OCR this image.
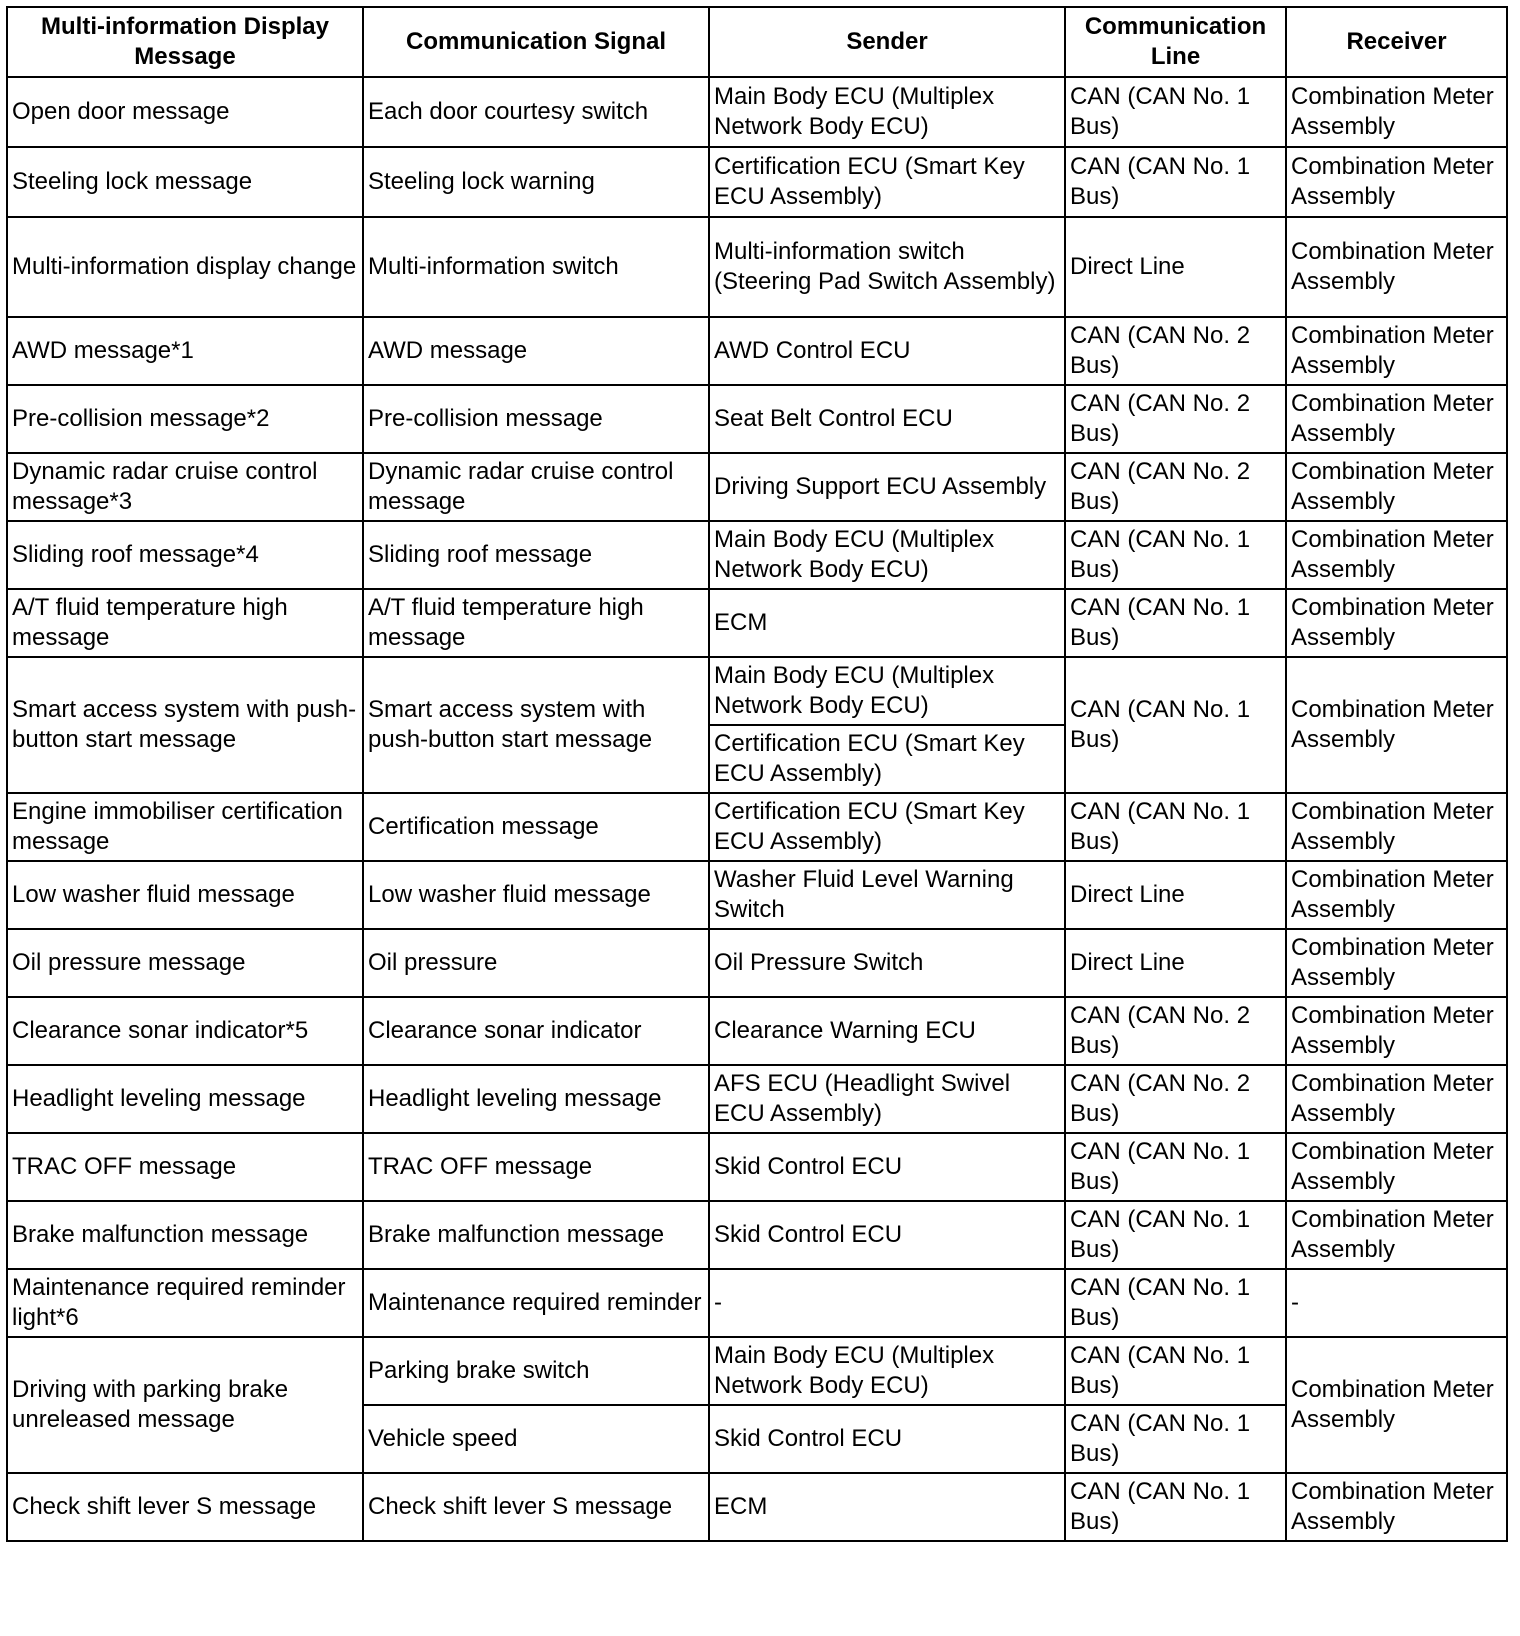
Multi-information Display Message	Communication Signal	Sender	Communication Line	Receiver
Open door message	Each door courtesy switch	Main Body ECU (Multiplex Network Body ECU)	CAN (CAN No. 1 Bus)	Combination Meter Assembly
Steeling lock message	Steeling lock warning	Certification ECU (Smart Key ECU Assembly)	CAN (CAN No. 1 Bus)	Combination Meter Assembly
Multi-information display change	Multi-information switch	Multi-information switch (Steering Pad Switch Assembly)	Direct Line	Combination Meter Assembly
AWD message*1	AWD message	AWD Control ECU	CAN (CAN No. 2 Bus)	Combination Meter Assembly
Pre-collision message*2	Pre-collision message	Seat Belt Control ECU	CAN (CAN No. 2 Bus)	Combination Meter Assembly
Dynamic radar cruise control message*3	Dynamic radar cruise control message	Driving Support ECU Assembly	CAN (CAN No. 2 Bus)	Combination Meter Assembly
Sliding roof message*4	Sliding roof message	Main Body ECU (Multiplex Network Body ECU)	CAN (CAN No. 1 Bus)	Combination Meter Assembly
A/T fluid temperature high message	A/T fluid temperature high message	ECM	CAN (CAN No. 1 Bus)	Combination Meter Assembly
Smart access system with push-button start message	Smart access system with push-button start message	Main Body ECU (Multiplex Network Body ECU)	CAN (CAN No. 1 Bus)	Combination Meter Assembly
		Certification ECU (Smart Key ECU Assembly)		
Engine immobiliser certification message	Certification message	Certification ECU (Smart Key ECU Assembly)	CAN (CAN No. 1 Bus)	Combination Meter Assembly
Low washer fluid message	Low washer fluid message	Washer Fluid Level Warning Switch	Direct Line	Combination Meter Assembly
Oil pressure message	Oil pressure	Oil Pressure Switch	Direct Line	Combination Meter Assembly
Clearance sonar indicator*5	Clearance sonar indicator	Clearance Warning ECU	CAN (CAN No. 2 Bus)	Combination Meter Assembly
Headlight leveling message	Headlight leveling message	AFS ECU (Headlight Swivel ECU Assembly)	CAN (CAN No. 2 Bus)	Combination Meter Assembly
TRAC OFF message	TRAC OFF message	Skid Control ECU	CAN (CAN No. 1 Bus)	Combination Meter Assembly
Brake malfunction message	Brake malfunction message	Skid Control ECU	CAN (CAN No. 1 Bus)	Combination Meter Assembly
Maintenance required reminder light*6	Maintenance required reminder	-	CAN (CAN No. 1 Bus)	-
Driving with parking brake unreleased message	Parking brake switch	Main Body ECU (Multiplex Network Body ECU)	CAN (CAN No. 1 Bus)	Combination Meter Assembly
	Vehicle speed	Skid Control ECU	CAN (CAN No. 1 Bus)	
Check shift lever S message	Check shift lever S message	ECM	CAN (CAN No. 1 Bus)	Combination Meter Assembly
